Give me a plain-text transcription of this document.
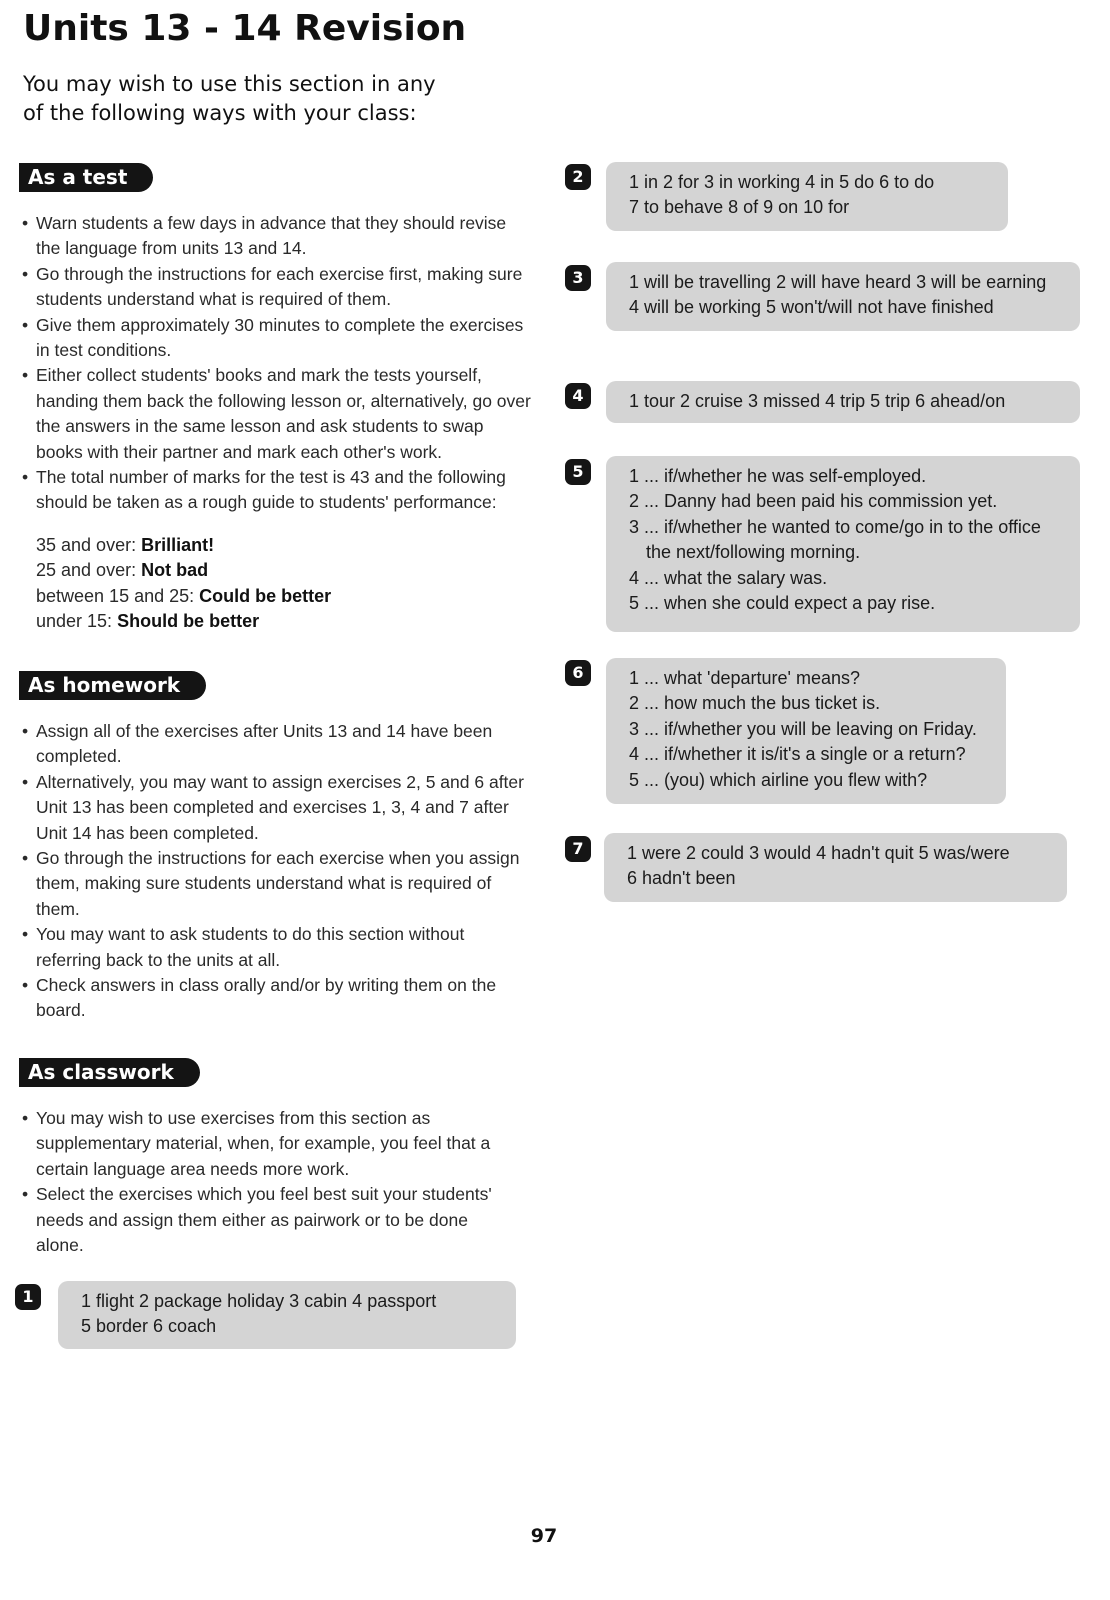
Units 13 - 14 Revision
You may wish to use this section in any of the following ways with your class:
As a test
• Warn students a few days in advance that they should revise the language from units 13 and 14.
• Go through the instructions for each exercise first, making sure students understand what is required of them.
• Give them approximately 30 minutes to complete the exercises in test conditions.
• Either collect students' books and mark the tests yourself, handing them back the following lesson or, alternatively, go over the answers in the same lesson and ask students to swap books with their partner and mark each other's work.
• The total number of marks for the test is 43 and the following should be taken as a rough guide to students' performance:
35 and over: Brilliant!
25 and over: Not bad
between 15 and 25: Could be better
under 15: Should be better
As homework
• Assign all of the exercises after Units 13 and 14 have been completed.
• Alternatively, you may want to assign exercises 2, 5 and 6 after Unit 13 has been completed and exercises 1, 3, 4 and 7 after Unit 14 has been completed.
• Go through the instructions for each exercise when you assign them, making sure students understand what is required of them.
• You may want to ask students to do this section without referring back to the units at all.
• Check answers in class orally and/or by writing them on the board.
As classwork
• You may wish to use exercises from this section as supplementary material, when, for example, you feel that a certain language area needs more work.
• Select the exercises which you feel best suit your students' needs and assign them either as pairwork or to be done alone.
1	1 flight 2 package holiday 3 cabin 4 passport
5 border 6 coach
2	1 in 2 for 3 in working 4 in 5 do 6 to do
7 to behave 8 of 9 on 10 for
3	1 will be travelling 2 will have heard 3 will be earning
4 will be working 5 won't/will not have finished
4	1 tour 2 cruise 3 missed 4 trip 5 trip 6 ahead/on
5	1 ... if/whether he was self-employed.
2 ... Danny had been paid his commission yet.
3 ... if/whether he wanted to come/go in to the office
the next/following morning.
4 ... what the salary was.
5 ... when she could expect a pay rise.
6	1 ... what 'departure' means?
2 ... how much the bus ticket is.
3 ... if/whether you will be leaving on Friday.
4 ... if/whether it is/it's a single or a return?
5 ... (you) which airline you flew with?
7	1 were 2 could 3 would 4 hadn't quit 5 was/were
6 hadn't been
97
